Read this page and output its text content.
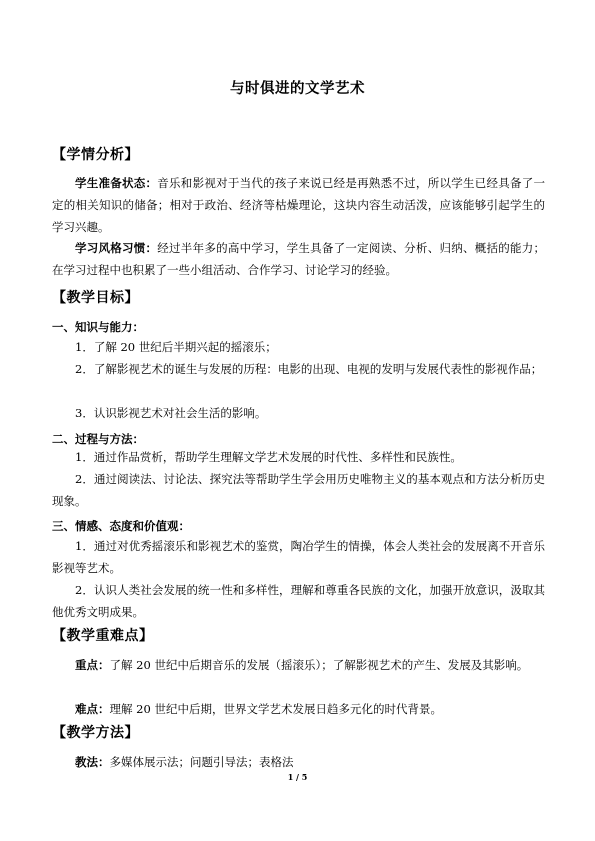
与时俱进的文学艺术
【学情分析】
学生准备状态：音乐和影视对于当代的孩子来说已经是再熟悉不过，所以学生已经具备了一定的相关知识的储备；相对于政治、经济等枯燥理论，这块内容生动活泼，应该能够引起学生的学习兴趣。
学习风格习惯：经过半年多的高中学习，学生具备了一定阅读、分析、归纳、概括的能力；在学习过程中也积累了一些小组活动、合作学习、讨论学习的经验。
【教学目标】
一、知识与能力：
1．了解 20 世纪后半期兴起的摇滚乐；
2．了解影视艺术的诞生与发展的历程：电影的出现、电视的发明与发展代表性的影视作品；
3．认识影视艺术对社会生活的影响。
二、过程与方法：
1．通过作品赏析，帮助学生理解文学艺术发展的时代性、多样性和民族性。
2．通过阅读法、讨论法、探究法等帮助学生学会用历史唯物主义的基本观点和方法分析历史现象。
三、情感、态度和价值观：
1．通过对优秀摇滚乐和影视艺术的鉴赏，陶冶学生的情操，体会人类社会的发展离不开音乐影视等艺术。
2．认识人类社会发展的统一性和多样性，理解和尊重各民族的文化，加强开放意识，汲取其他优秀文明成果。
【教学重难点】
重点：了解 20 世纪中后期音乐的发展（摇滚乐）；了解影视艺术的产生、发展及其影响。
难点：理解 20 世纪中后期，世界文学艺术发展日趋多元化的时代背景。
【教学方法】
教法：多媒体展示法；问题引导法；表格法
1 / 5
